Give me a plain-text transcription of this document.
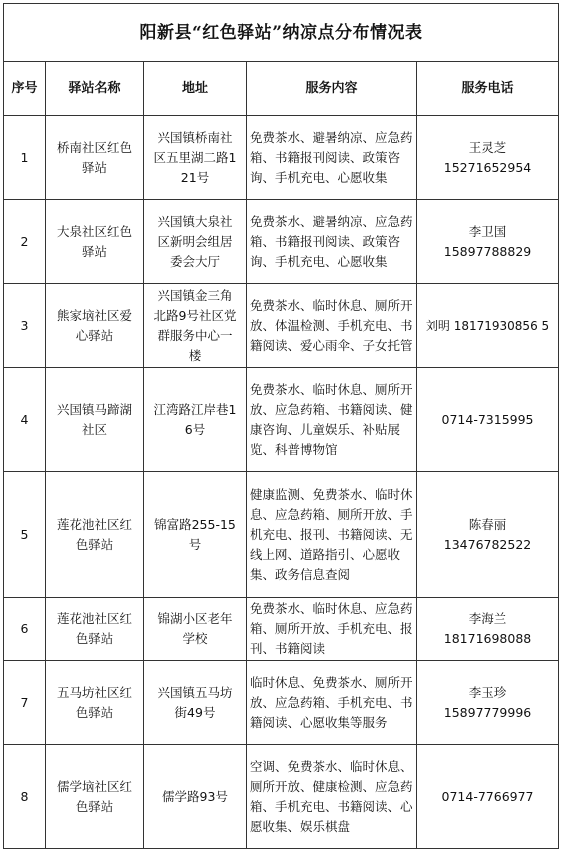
阳新县“红色驿站”纳凉点分布情况表				
序号	驿站名称	地址	服务内容	服务电话
1	桥南社区红色驿站	兴国镇桥南社区五里湖二路121号	免费茶水、避暑纳凉、应急药箱、书籍报刊阅读、政策咨询、手机充电、心愿收集	王灵芝
15271652954

2	大泉社区红色驿站	兴国镇大泉社区新明会组居委会大厅	免费茶水、避暑纳凉、应急药箱、书籍报刊阅读、政策咨询、手机充电、心愿收集	李卫国
15897788829

3	熊家垴社区爱心驿站	兴国镇金三角北路9号社区党群服务中心一楼	免费茶水、临时休息、厕所开放、体温检测、手机充电、书籍阅读、爱心雨伞、子女托管	刘明 18171930856 5
4	兴国镇马蹄湖社区	江湾路江岸巷16号	免费茶水、临时休息、厕所开放、应急药箱、书籍阅读、健康咨询、儿童娱乐、补贴展览、科普博物馆	0714-7315995

5	莲花池社区红色驿站	锦富路255-15号	健康监测、免费茶水、临时休息、应急药箱、厕所开放、手机充电、报刊、书籍阅读、无线上网、道路指引、心愿收集、政务信息查阅	陈春丽
13476782522

6	莲花池社区红色驿站	锦湖小区老年学校	免费茶水、临时休息、应急药箱、厕所开放、手机充电、报刊、书籍阅读	李海兰
18171698088

7	五马坊社区红色驿站	兴国镇五马坊街49号	临时休息、免费茶水、厕所开放、应急药箱、手机充电、书籍阅读、心愿收集等服务	李玉珍
15897779996

8	儒学垴社区红色驿站	儒学路93号	空调、免费茶水、临时休息、厕所开放、健康检测、应急药箱、手机充电、书籍阅读、心愿收集、娱乐棋盘	0714-7766977
